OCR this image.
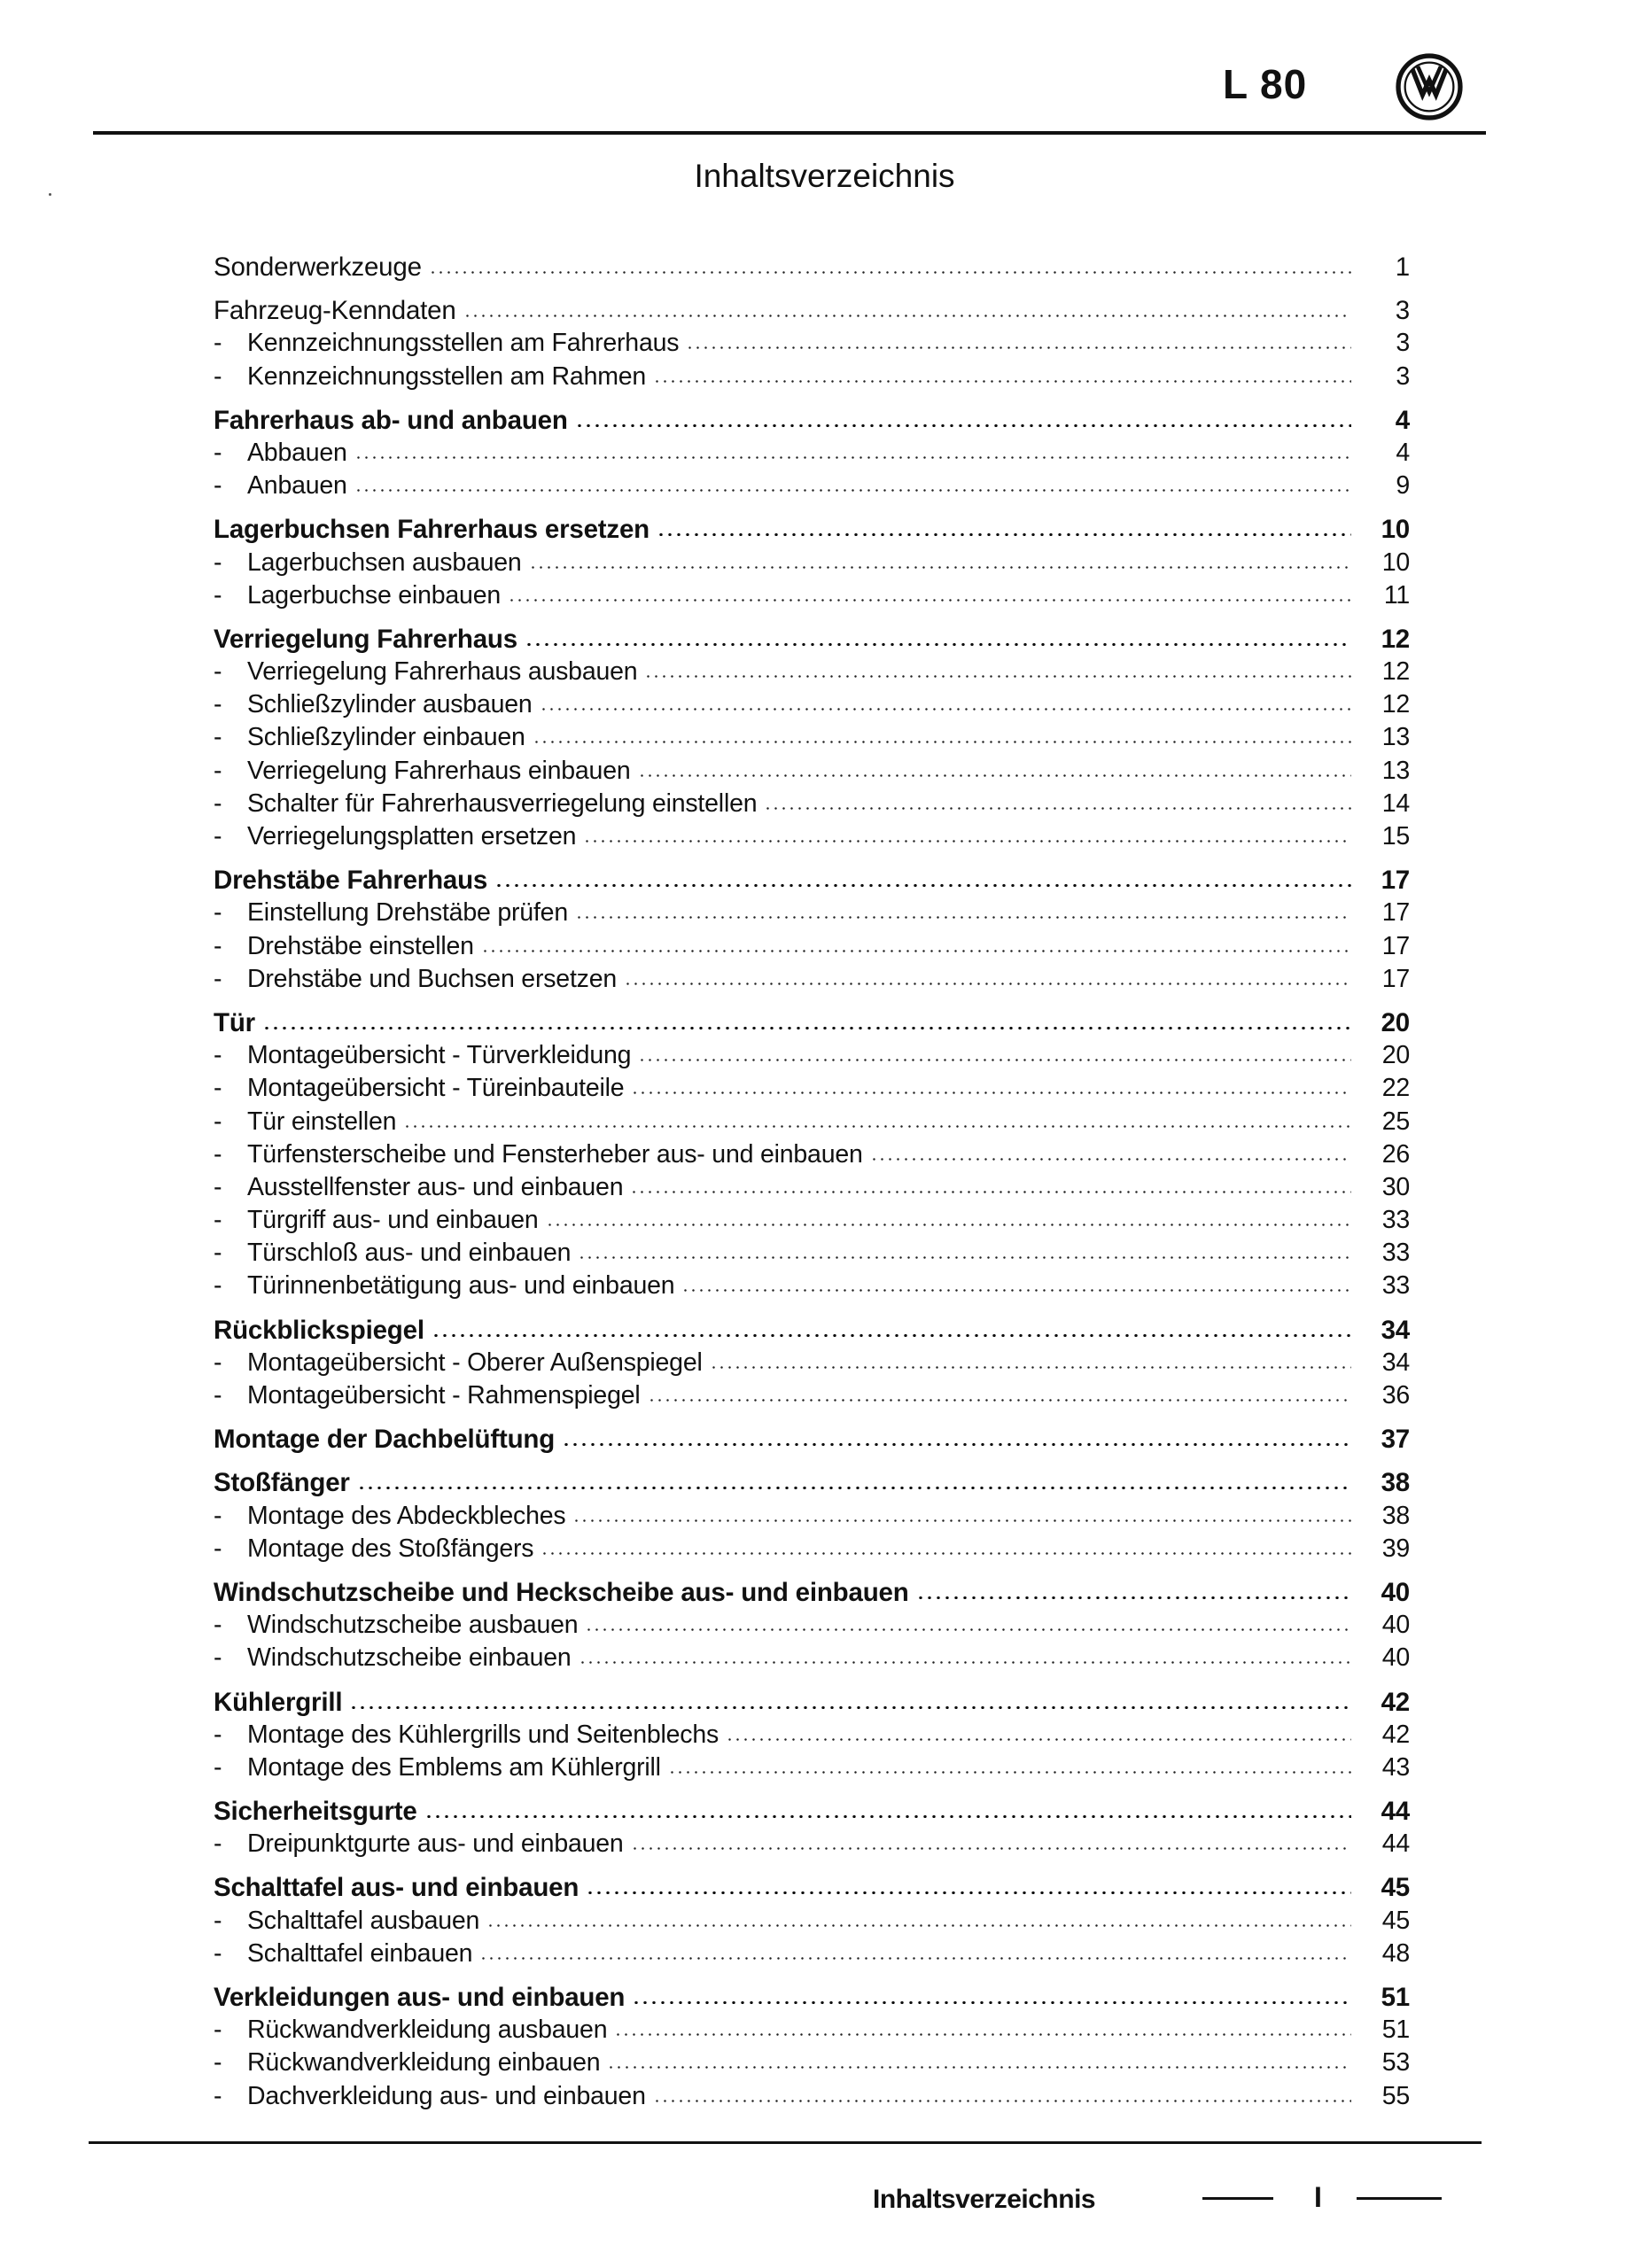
L 80
Inhaltsverzeichnis
Sonderwerkzeuge	1
Fahrzeug-Kenndaten	3
- Kennzeichnungsstellen am Fahrerhaus	3
- Kennzeichnungsstellen am Rahmen	3
Fahrerhaus ab- und anbauen	4
- Abbauen	4
- Anbauen	9
Lagerbuchsen Fahrerhaus ersetzen	10
- Lagerbuchsen ausbauen	10
- Lagerbuchse einbauen	11
Verriegelung Fahrerhaus	12
- Verriegelung Fahrerhaus ausbauen	12
- Schließzylinder ausbauen	12
- Schließzylinder einbauen	13
- Verriegelung Fahrerhaus einbauen	13
- Schalter für Fahrerhausverriegelung einstellen	14
- Verriegelungsplatten ersetzen	15
Drehstäbe Fahrerhaus	17
- Einstellung Drehstäbe prüfen	17
- Drehstäbe einstellen	17
- Drehstäbe und Buchsen ersetzen	17
Tür	20
- Montageübersicht - Türverkleidung	20
- Montageübersicht - Türeinbauteile	22
- Tür einstellen	25
- Türfensterscheibe und Fensterheber aus- und einbauen	26
- Ausstellfenster aus- und einbauen	30
- Türgriff aus- und einbauen	33
- Türschloß aus- und einbauen	33
- Türinnenbetätigung aus- und einbauen	33
Rückblickspiegel	34
- Montageübersicht - Oberer Außenspiegel	34
- Montageübersicht - Rahmenspiegel	36
Montage der Dachbelüftung	37
Stoßfänger	38
- Montage des Abdeckbleches	38
- Montage des Stoßfängers	39
Windschutzscheibe und Heckscheibe aus- und einbauen	40
- Windschutzscheibe ausbauen	40
- Windschutzscheibe einbauen	40
Kühlergrill	42
- Montage des Kühlergrills und Seitenblechs	42
- Montage des Emblems am Kühlergrill	43
Sicherheitsgurte	44
- Dreipunktgurte aus- und einbauen	44
Schalttafel aus- und einbauen	45
- Schalttafel ausbauen	45
- Schalttafel einbauen	48
Verkleidungen aus- und einbauen	51
- Rückwandverkleidung ausbauen	51
- Rückwandverkleidung einbauen	53
- Dachverkleidung aus- und einbauen	55
Inhaltsverzeichnis	I
